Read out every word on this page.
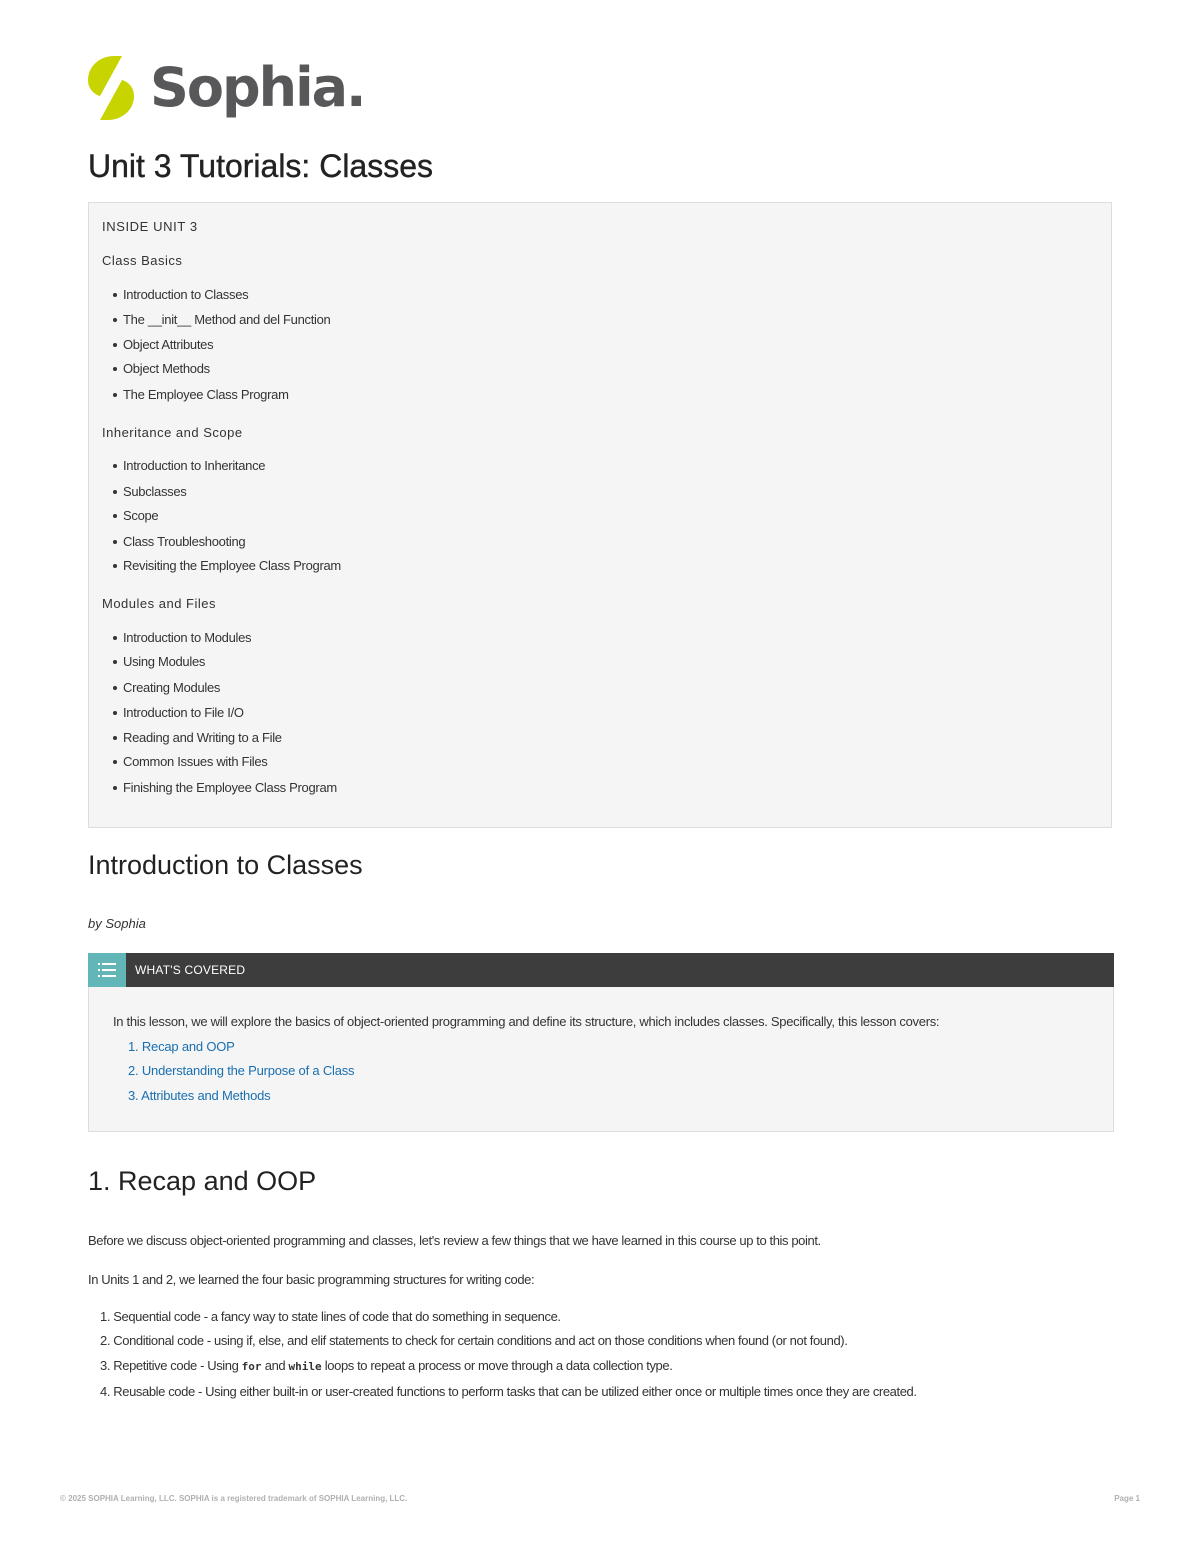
Sophia.
Unit 3 Tutorials: Classes
INSIDE UNIT 3
Class Basics
Introduction to Classes
The __init__ Method and del Function
Object Attributes
Object Methods
The Employee Class Program
Inheritance and Scope
Introduction to Inheritance
Subclasses
Scope
Class Troubleshooting
Revisiting the Employee Class Program
Modules and Files
Introduction to Modules
Using Modules
Creating Modules
Introduction to File I/O
Reading and Writing to a File
Common Issues with Files
Finishing the Employee Class Program
Introduction to Classes
by Sophia
WHAT'S COVERED
In this lesson, we will explore the basics of object-oriented programming and define its structure, which includes classes. Specifically, this lesson covers:
1. Recap and OOP
2. Understanding the Purpose of a Class
3. Attributes and Methods
1. Recap and OOP
Before we discuss object-oriented programming and classes, let's review a few things that we have learned in this course up to this point.
In Units 1 and 2, we learned the four basic programming structures for writing code:
1. Sequential code - a fancy way to state lines of code that do something in sequence.
2. Conditional code - using if, else, and elif statements to check for certain conditions and act on those conditions when found (or not found).
3. Repetitive code - Using for and while loops to repeat a process or move through a data collection type.
4. Reusable code - Using either built-in or user-created functions to perform tasks that can be utilized either once or multiple times once they are created.
© 2025 SOPHIA Learning, LLC. SOPHIA is a registered trademark of SOPHIA Learning, LLC.	Page 1
